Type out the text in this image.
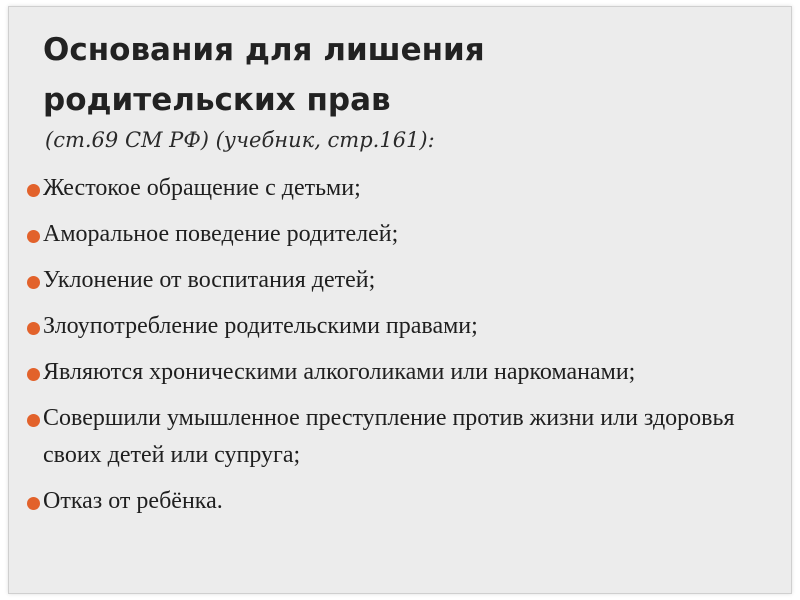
Основания для лишения
родительских прав

(ст.69 СМ РФ) (учебник, стр.161):

Жестокое обращение с детьми;
Аморальное поведение родителей;
Уклонение от воспитания детей;
Злоупотребление родительскими правами;
Являются хроническими алкоголиками или наркоманами;
Совершили умышленное преступление против жизни или здоровья своих детей или супруга;
Отказ от ребёнка.
